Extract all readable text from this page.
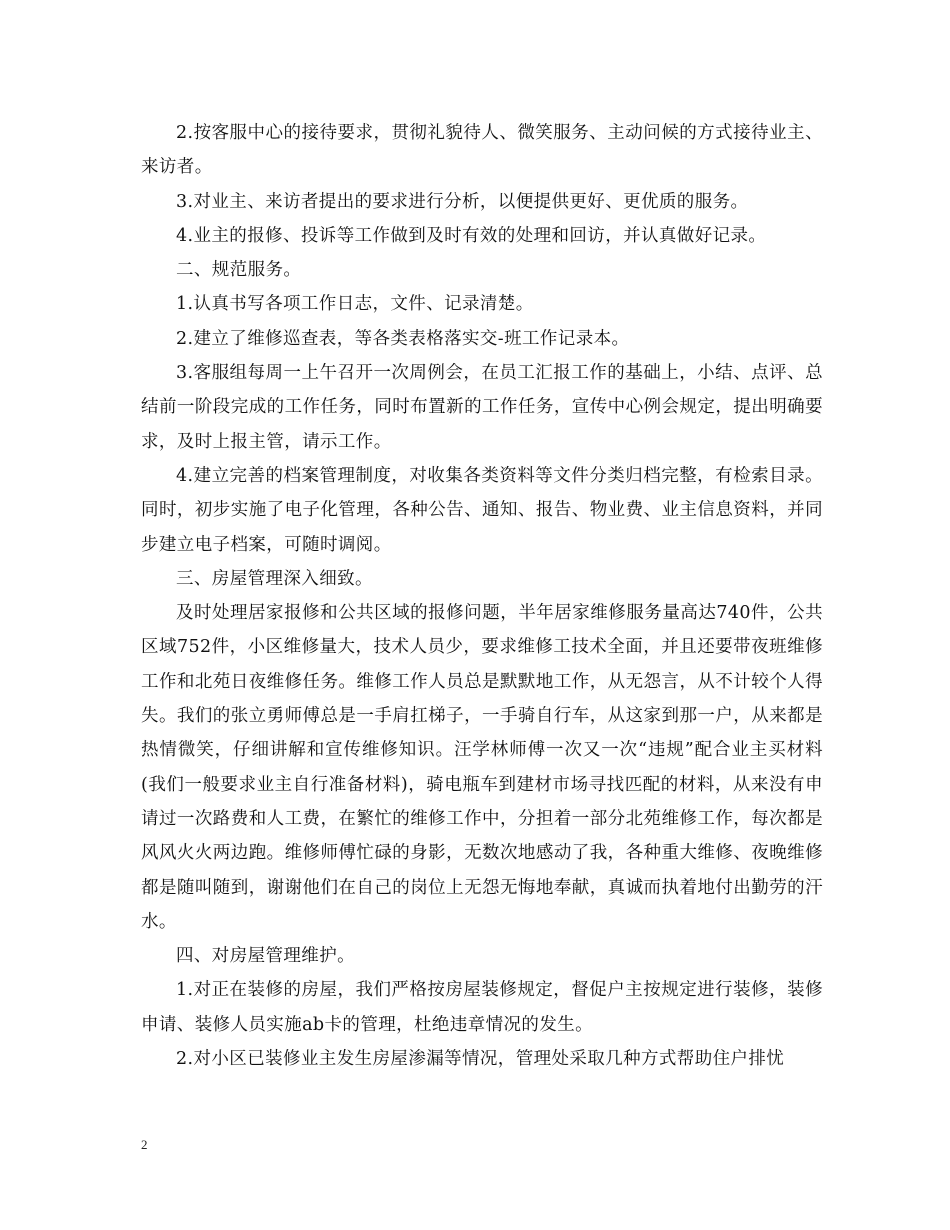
2.按客服中心的接待要求，贯彻礼貌待人、微笑服务、主动问候的方式接待业主、来访者。

3.对业主、来访者提出的要求进行分析，以便提供更好、更优质的服务。

4.业主的报修、投诉等工作做到及时有效的处理和回访，并认真做好记录。

二、规范服务。

1.认真书写各项工作日志，文件、记录清楚。

2.建立了维修巡查表，等各类表格落实交-班工作记录本。

3.客服组每周一上午召开一次周例会，在员工汇报工作的基础上，小结、点评、总结前一阶段完成的工作任务，同时布置新的工作任务，宣传中心例会规定，提出明确要求，及时上报主管，请示工作。

4.建立完善的档案管理制度，对收集各类资料等文件分类归档完整，有检索目录。同时，初步实施了电子化管理，各种公告、通知、报告、物业费、业主信息资料，并同步建立电子档案，可随时调阅。

三、房屋管理深入细致。

及时处理居家报修和公共区域的报修问题，半年居家维修服务量高达740件，公共区域752件，小区维修量大，技术人员少，要求维修工技术全面，并且还要带夜班维修工作和北苑日夜维修任务。维修工作人员总是默默地工作，从无怨言，从不计较个人得失。我们的张立勇师傅总是一手肩扛梯子，一手骑自行车，从这家到那一户，从来都是热情微笑，仔细讲解和宣传维修知识。汪学林师傅一次又一次“违规”配合业主买材料(我们一般要求业主自行准备材料)，骑电瓶车到建材市场寻找匹配的材料，从来没有申请过一次路费和人工费，在繁忙的维修工作中，分担着一部分北苑维修工作，每次都是风风火火两边跑。维修师傅忙碌的身影，无数次地感动了我，各种重大维修、夜晚维修都是随叫随到，谢谢他们在自己的岗位上无怨无悔地奉献，真诚而执着地付出勤劳的汗水。

四、对房屋管理维护。

1.对正在装修的房屋，我们严格按房屋装修规定，督促户主按规定进行装修，装修申请、装修人员实施ab卡的管理，杜绝违章情况的发生。

2.对小区已装修业主发生房屋渗漏等情况，管理处采取几种方式帮助住户排忧

2
